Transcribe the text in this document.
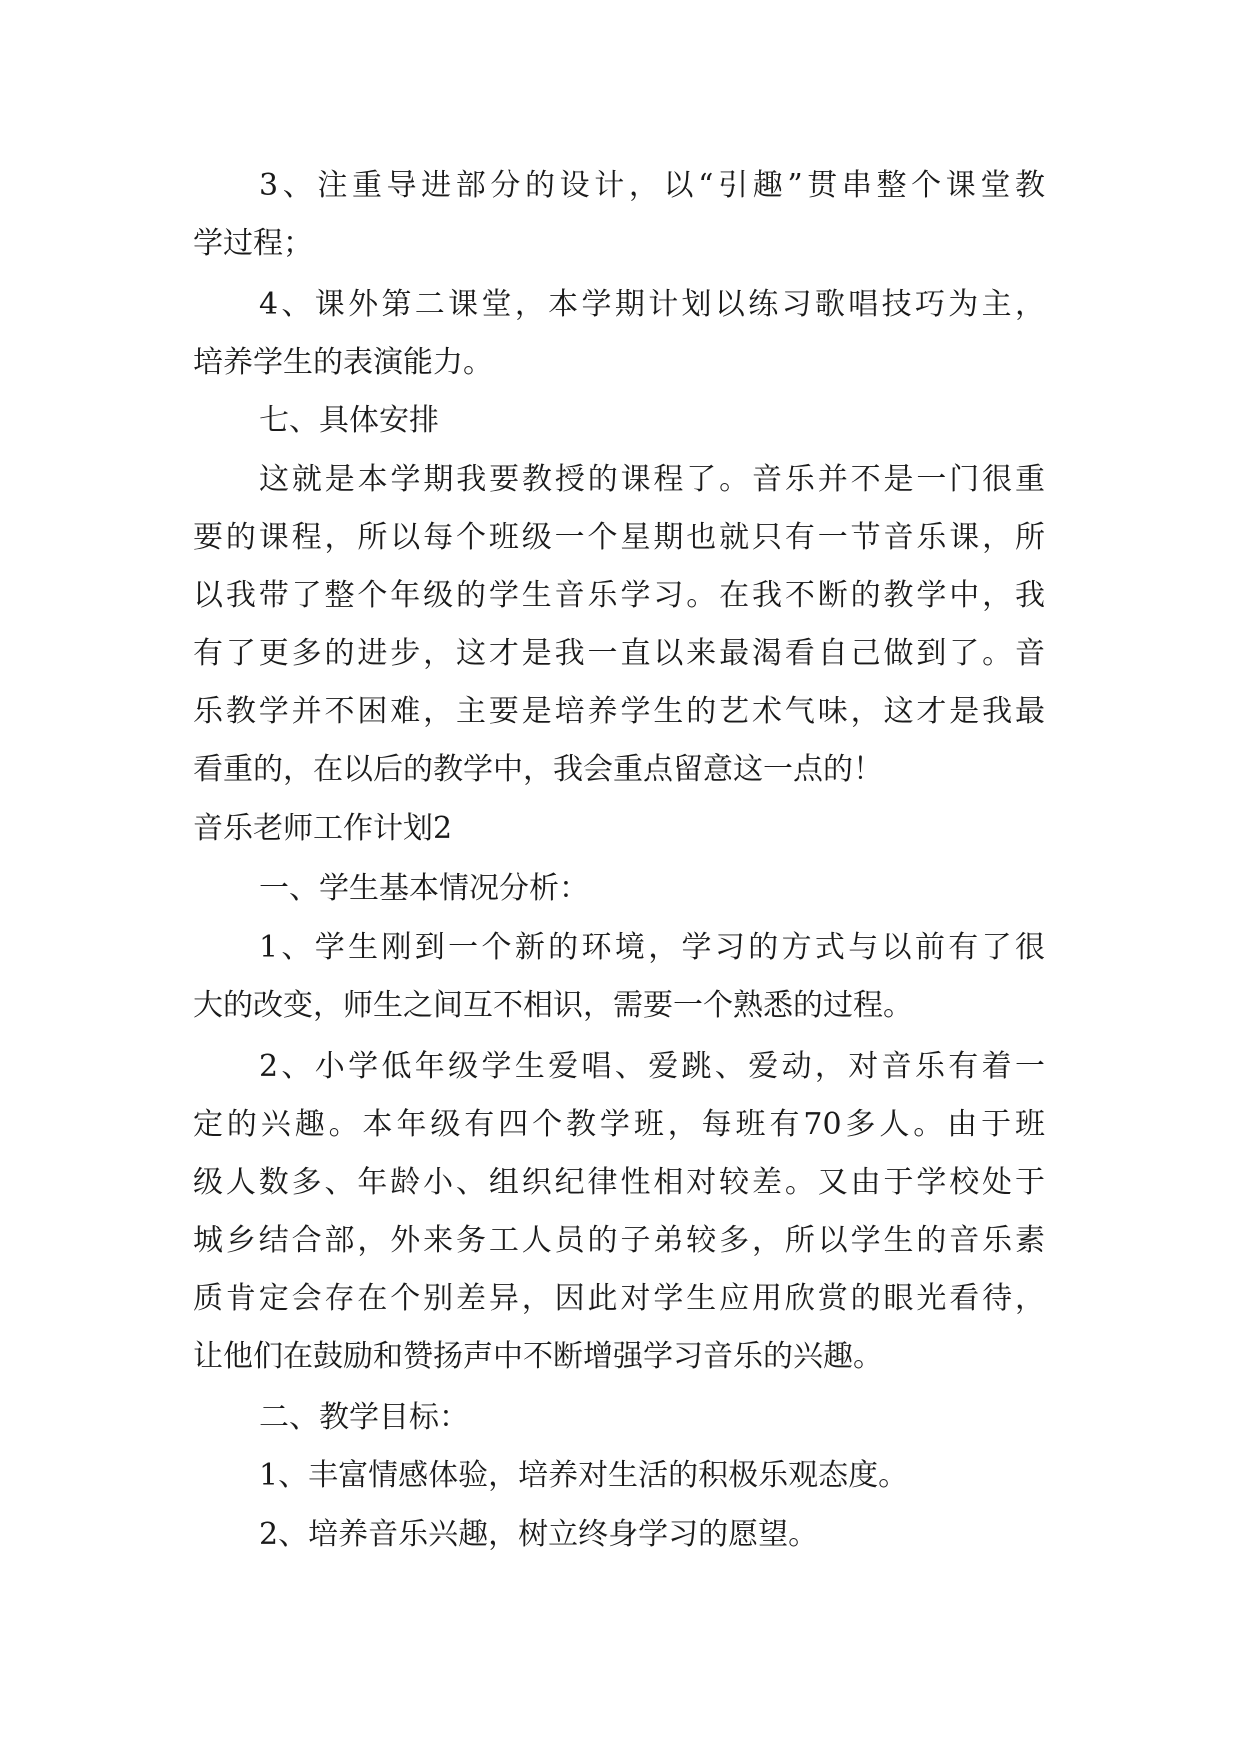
3、注重导进部分的设计，以“引趣”贯串整个课堂教

学过程；

4、课外第二课堂，本学期计划以练习歌唱技巧为主，

培养学生的表演能力。

七、具体安排

这就是本学期我要教授的课程了。音乐并不是一门很重

要的课程，所以每个班级一个星期也就只有一节音乐课，所

以我带了整个年级的学生音乐学习。在我不断的教学中，我

有了更多的进步，这才是我一直以来最渴看自己做到了。音

乐教学并不困难，主要是培养学生的艺术气味，这才是我最

看重的，在以后的教学中，我会重点留意这一点的！

音乐老师工作计划2

一、学生基本情况分析：

1、学生刚到一个新的环境，学习的方式与以前有了很

大的改变，师生之间互不相识，需要一个熟悉的过程。

2、小学低年级学生爱唱、爱跳、爱动，对音乐有着一

定的兴趣。本年级有四个教学班，每班有70多人。由于班

级人数多、年龄小、组织纪律性相对较差。又由于学校处于

城乡结合部，外来务工人员的子弟较多，所以学生的音乐素

质肯定会存在个别差异，因此对学生应用欣赏的眼光看待，

让他们在鼓励和赞扬声中不断增强学习音乐的兴趣。

二、教学目标：

1、丰富情感体验，培养对生活的积极乐观态度。

2、培养音乐兴趣，树立终身学习的愿望。
